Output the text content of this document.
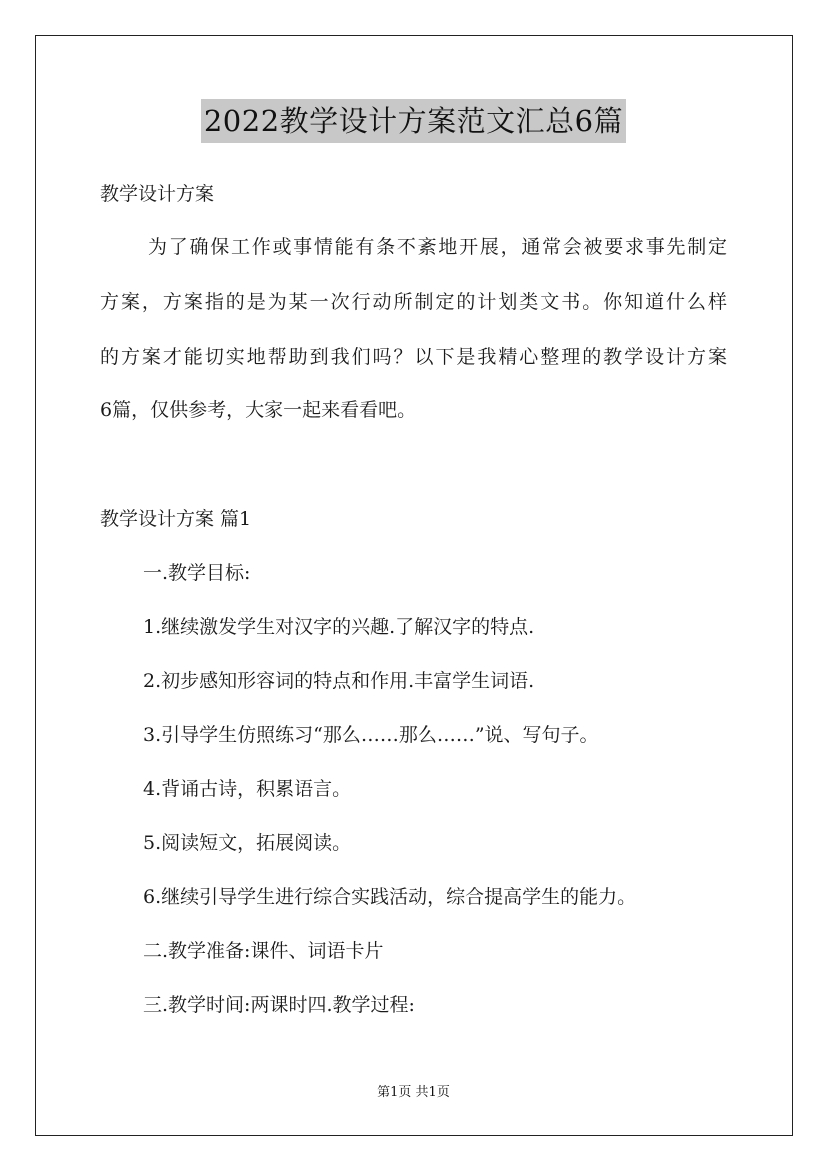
2022教学设计方案范文汇总6篇
教学设计方案
为了确保工作或事情能有条不紊地开展，通常会被要求事先制定
方案，方案指的是为某一次行动所制定的计划类文书。你知道什么样
的方案才能切实地帮助到我们吗？以下是我精心整理的教学设计方案
6篇，仅供参考，大家一起来看看吧。
教学设计方案 篇1
一.教学目标:
1.继续激发学生对汉字的兴趣.了解汉字的特点.
2.初步感知形容词的特点和作用.丰富学生词语.
3.引导学生仿照练习“那么……那么……”说、写句子。
4.背诵古诗，积累语言。
5.阅读短文，拓展阅读。
6.继续引导学生进行综合实践活动，综合提高学生的能力。
二.教学准备:课件、词语卡片
三.教学时间:两课时四.教学过程:
第1页 共1页
